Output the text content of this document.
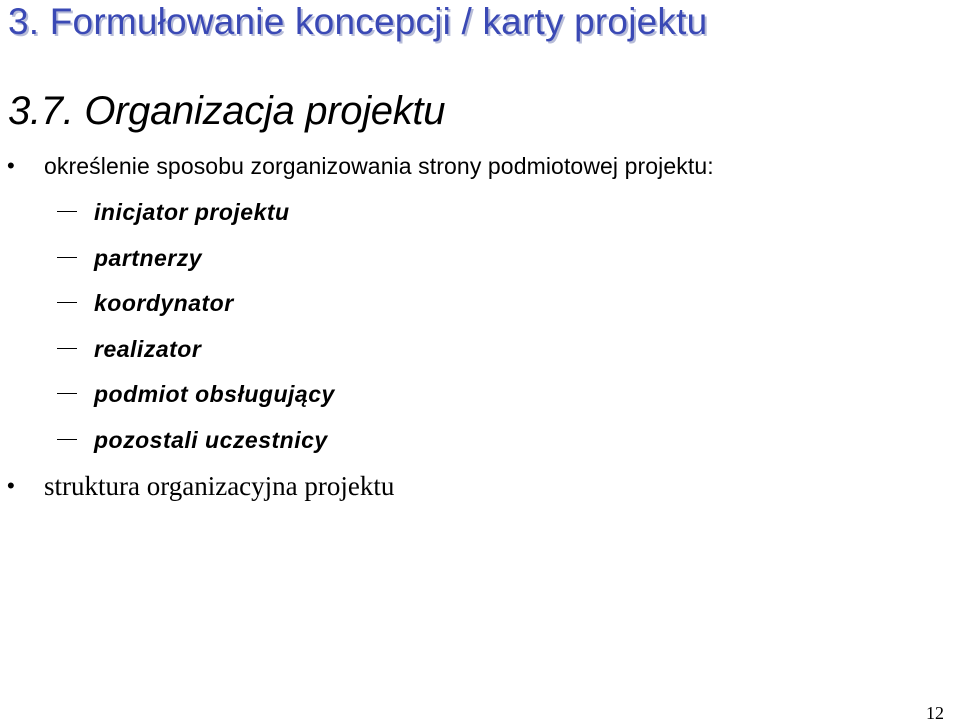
3. Formułowanie koncepcji / karty projektu
3.7. Organizacja projektu
• określenie sposobu zorganizowania strony podmiotowej projektu:
inicjator projektu
partnerzy
koordynator
realizator
podmiot obsługujący
pozostali uczestnicy
• struktura organizacyjna projektu
12
